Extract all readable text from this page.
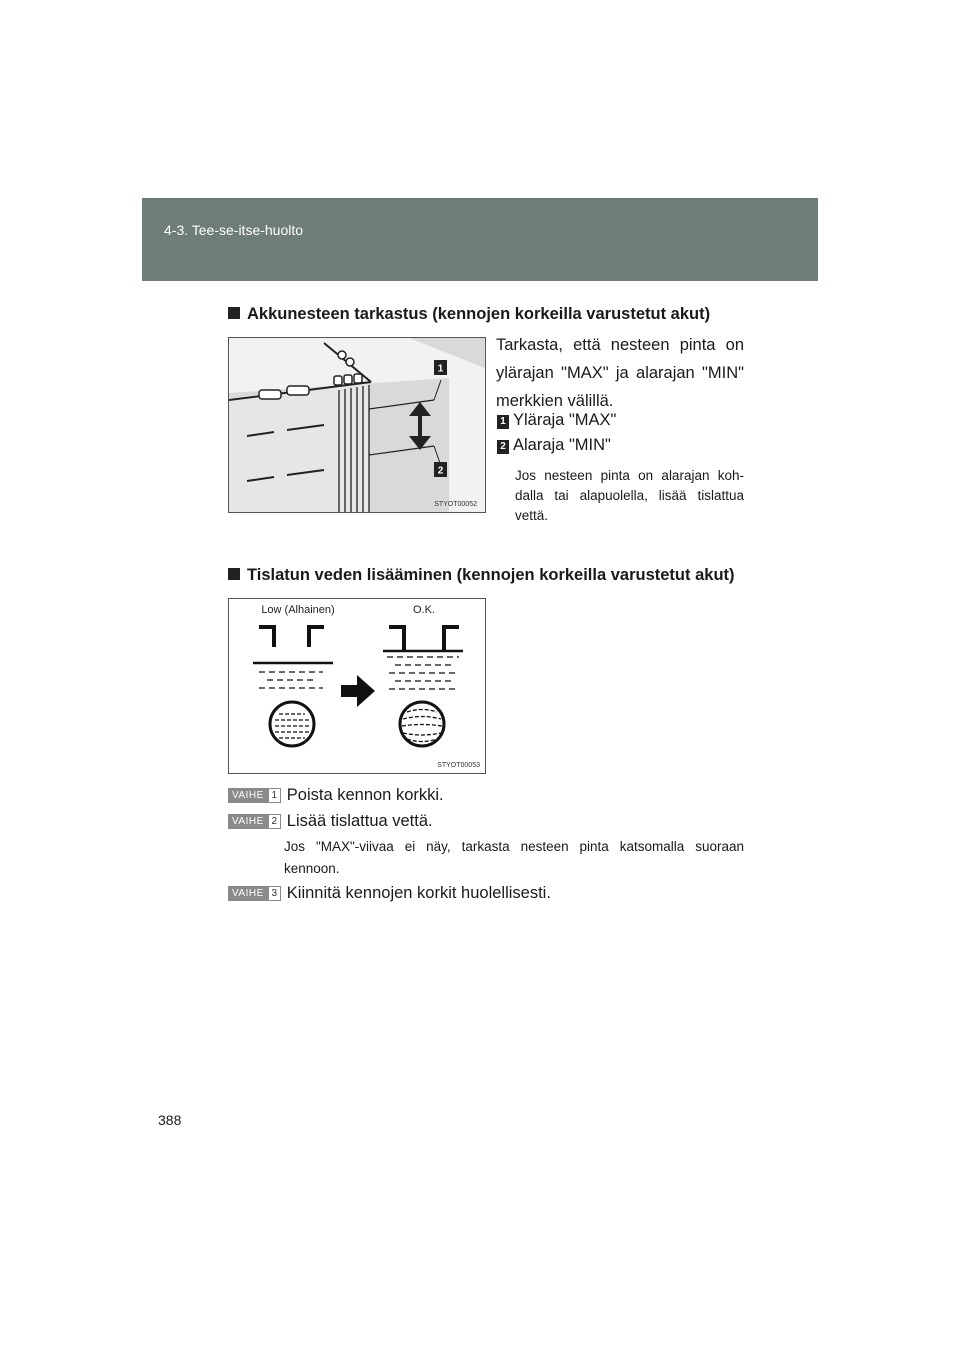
4-3. Tee-se-itse-huolto
Akkunesteen tarkastus (kennojen korkeilla varustetut akut)
1
2
STYOT00052
Tarkasta, että nesteen pinta on ylärajan "MAX" ja alarajan "MIN" merkkien välillä.
1 Yläraja "MAX"
2 Alaraja "MIN"
Jos nesteen pinta on alarajan koh-dalla tai alapuolella, lisää tislattua vettä.
Tislatun veden lisääminen (kennojen korkeilla varustetut akut)
Low (Alhainen)	O.K.
STYOT00053
VAIHE 1 Poista kennon korkki.
VAIHE 2 Lisää tislattua vettä.
Jos "MAX"-viivaa ei näy, tarkasta nesteen pinta katsomalla suoraan kennoon.
VAIHE 3 Kiinnitä kennojen korkit huolellisesti.
388
